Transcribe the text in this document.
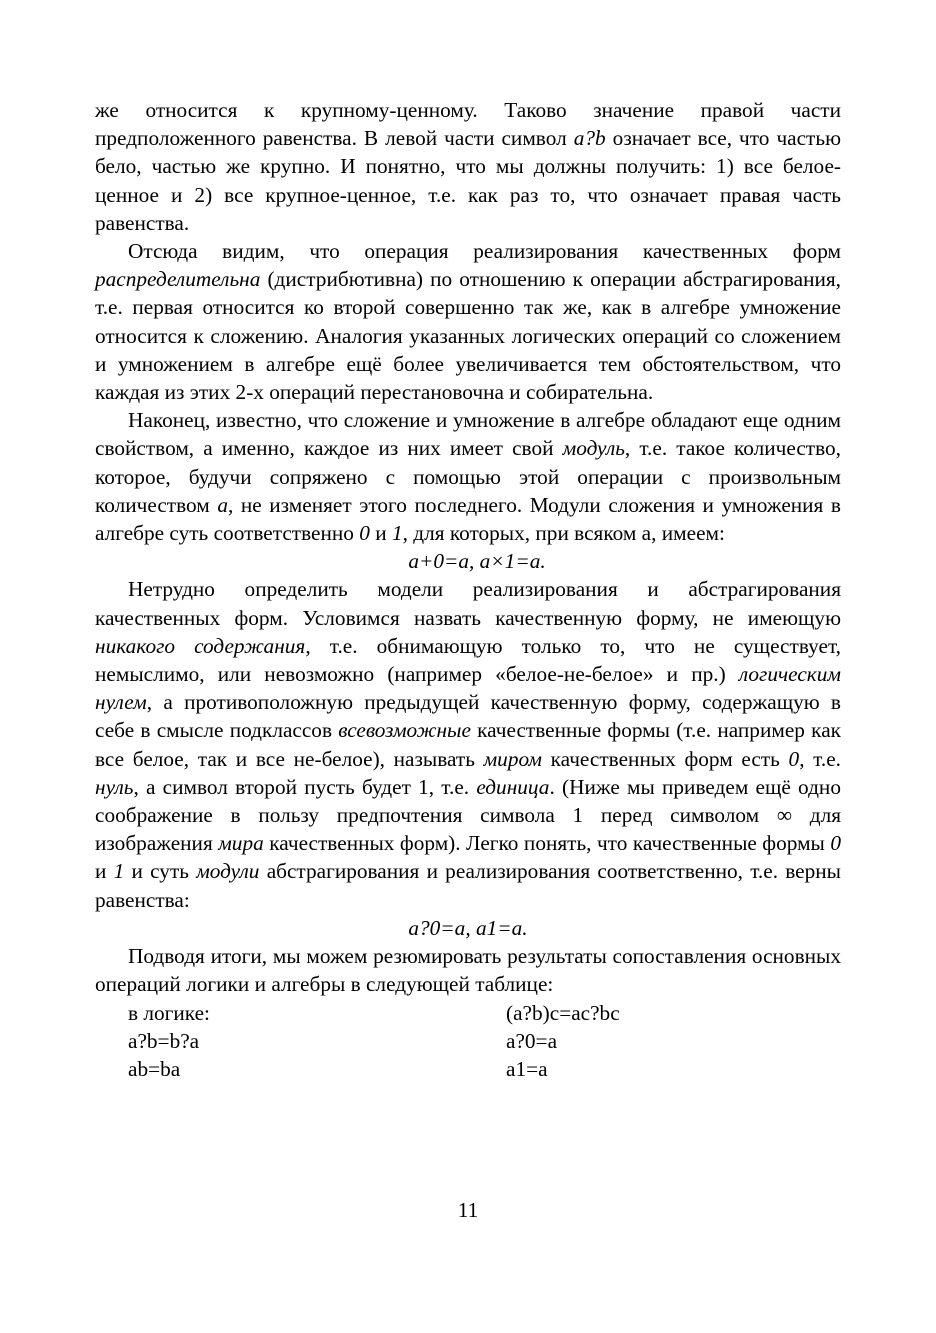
же относится к крупному-ценному. Таково значение правой части предположенного равенства. В левой части символ a?b означает все, что частью бело, частью же крупно. И понятно, что мы должны получить: 1) все белое-ценное и 2) все крупное-ценное, т.е. как раз то, что означает правая часть равенства.

Отсюда видим, что операция реализирования качественных форм распределительна (дистрибютивна) по отношению к операции абстрагирования, т.е. первая относится ко второй совершенно так же, как в алгебре умножение относится к сложению. Аналогия указанных логических операций со сложением и умножением в алгебре ещё более увеличивается тем обстоятельством, что каждая из этих 2-х операций перестановочна и собирательна.

Наконец, известно, что сложение и умножение в алгебре обладают еще одним свойством, а именно, каждое из них имеет свой модуль, т.е. такое количество, которое, будучи сопряжено с помощью этой операции с произвольным количеством а, не изменяет этого последнего. Модули сложения и умножения в алгебре суть соответственно 0 и 1, для которых, при всяком а, имеем:

a+0=a, a×1=a.

Нетрудно определить модели реализирования и абстрагирования качественных форм. Условимся назвать качественную форму, не имеющую никакого содержания, т.е. обнимающую только то, что не существует, немыслимо, или невозможно (например «белое-не-белое» и пр.) логическим нулем, а противоположную предыдущей качественную форму, содержащую в себе в смысле подклассов всевозможные качественные формы (т.е. например как все белое, так и все не-белое), называть миром качественных форм есть 0, т.е. нуль, а символ второй пусть будет 1, т.е. единица. (Ниже мы приведем ещё одно соображение в пользу предпочтения символа 1 перед символом ∞ для изображения мира качественных форм). Легко понять, что качественные формы 0 и 1 и суть модули абстрагирования и реализирования соответственно, т.е. верны равенства:

a?0=a, a1=a.

Подводя итоги, мы можем резюмировать результаты сопоставления основных операций логики и алгебры в следующей таблице:

в логике:	(a?b)c=ac?bc
a?b=b?a	a?0=a
ab=ba	a1=a
11
